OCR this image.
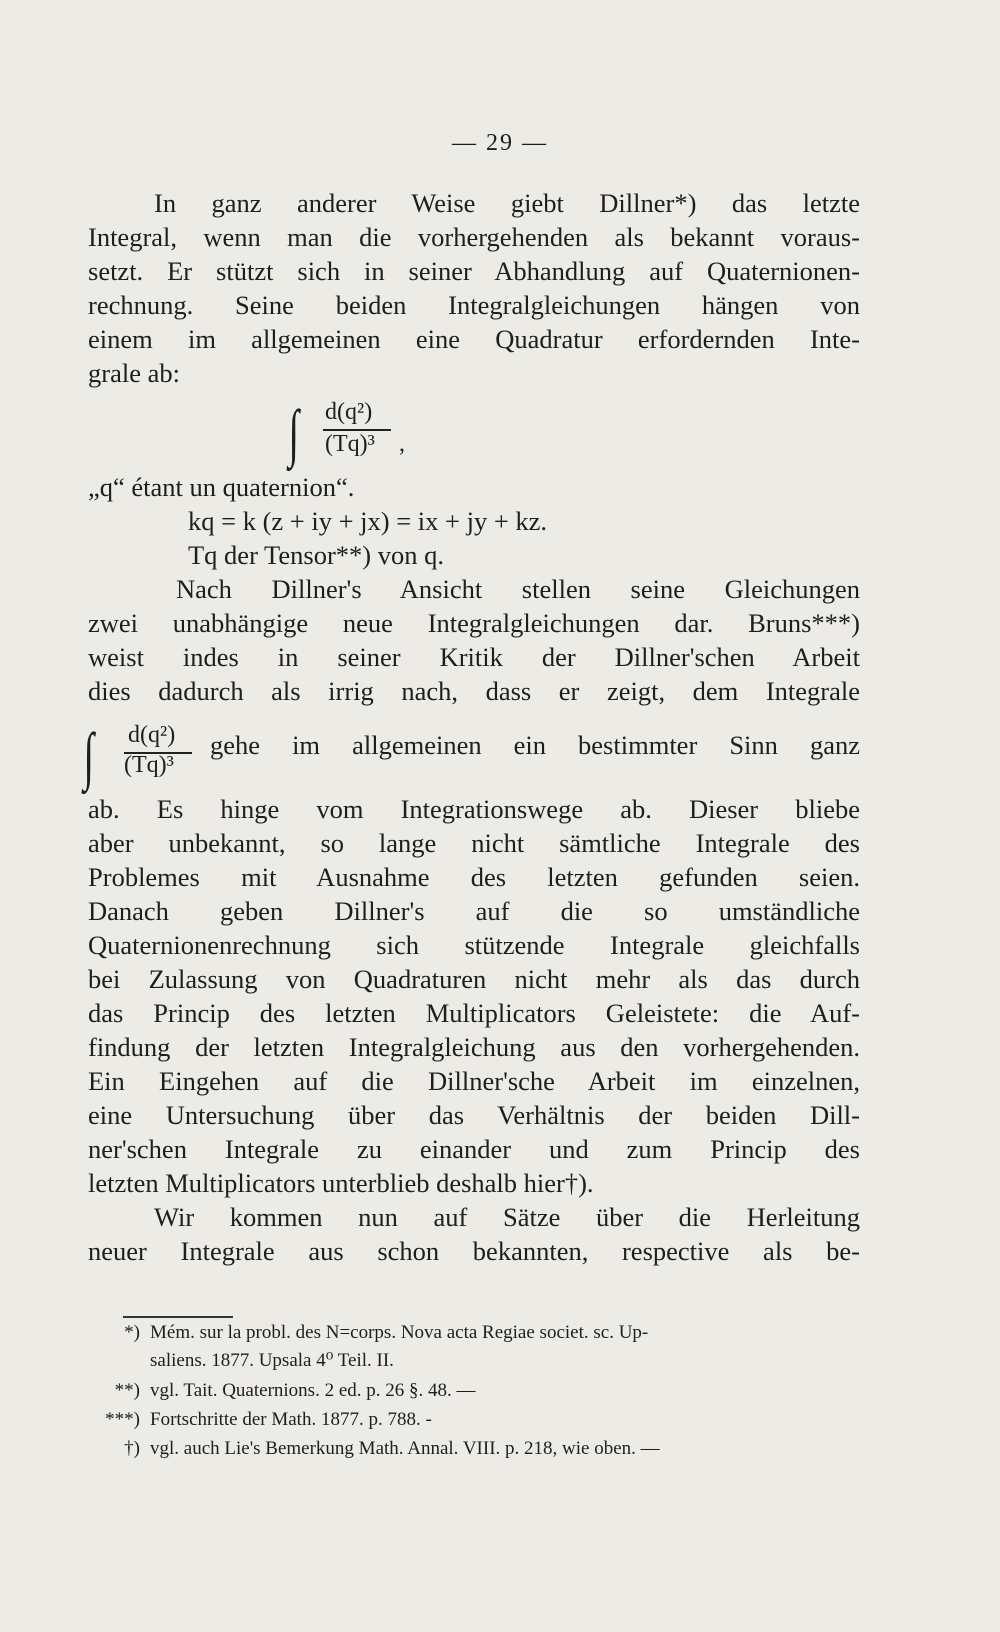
— 29 —
In ganz anderer Weise giebt Dillner*) das letzte
Integral, wenn man die vorhergehenden als bekannt voraus-
setzt. Er stützt sich in seiner Abhandlung auf Quaternionen-
rechnung. Seine beiden Integralgleichungen hängen von
einem im allgemeinen eine Quadratur erfordernden Inte-
grale ab:
∫ d(q²)
(Tq)³ ,
„q“ étant un quaternion“.
kq = k (z + iy + jx) = ix + jy + kz.
Tq der Tensor**) von q.
Nach Dillner's Ansicht stellen seine Gleichungen
zwei unabhängige neue Integralgleichungen dar. Bruns***)
weist indes in seiner Kritik der Dillner'schen Arbeit
dies dadurch als irrig nach, dass er zeigt, dem Integrale
∫ d(q²)
(Tq)³
gehe im allgemeinen ein bestimmter Sinn ganz
ab. Es hinge vom Integrationswege ab. Dieser bliebe
aber unbekannt, so lange nicht sämtliche Integrale des
Problemes mit Ausnahme des letzten gefunden seien.
Danach geben Dillner's auf die so umständliche
Quaternionenrechnung sich stützende Integrale gleichfalls
bei Zulassung von Quadraturen nicht mehr als das durch
das Princip des letzten Multiplicators Geleistete: die Auf-
findung der letzten Integralgleichung aus den vorhergehenden.
Ein Eingehen auf die Dillner'sche Arbeit im einzelnen,
eine Untersuchung über das Verhältnis der beiden Dill-
ner'schen Integrale zu einander und zum Princip des
letzten Multiplicators unterblieb deshalb hier†).
Wir kommen nun auf Sätze über die Herleitung
neuer Integrale aus schon bekannten, respective als be-
*) Mém. sur la probl. des N=corps. Nova acta Regiae societ. sc. Up-
saliens. 1877. Upsala 4⁰ Teil. II.
**) vgl. Tait. Quaternions. 2 ed. p. 26 §. 48. —
***) Fortschritte der Math. 1877. p. 788. -
†) vgl. auch Lie's Bemerkung Math. Annal. VIII. p. 218, wie oben. —
